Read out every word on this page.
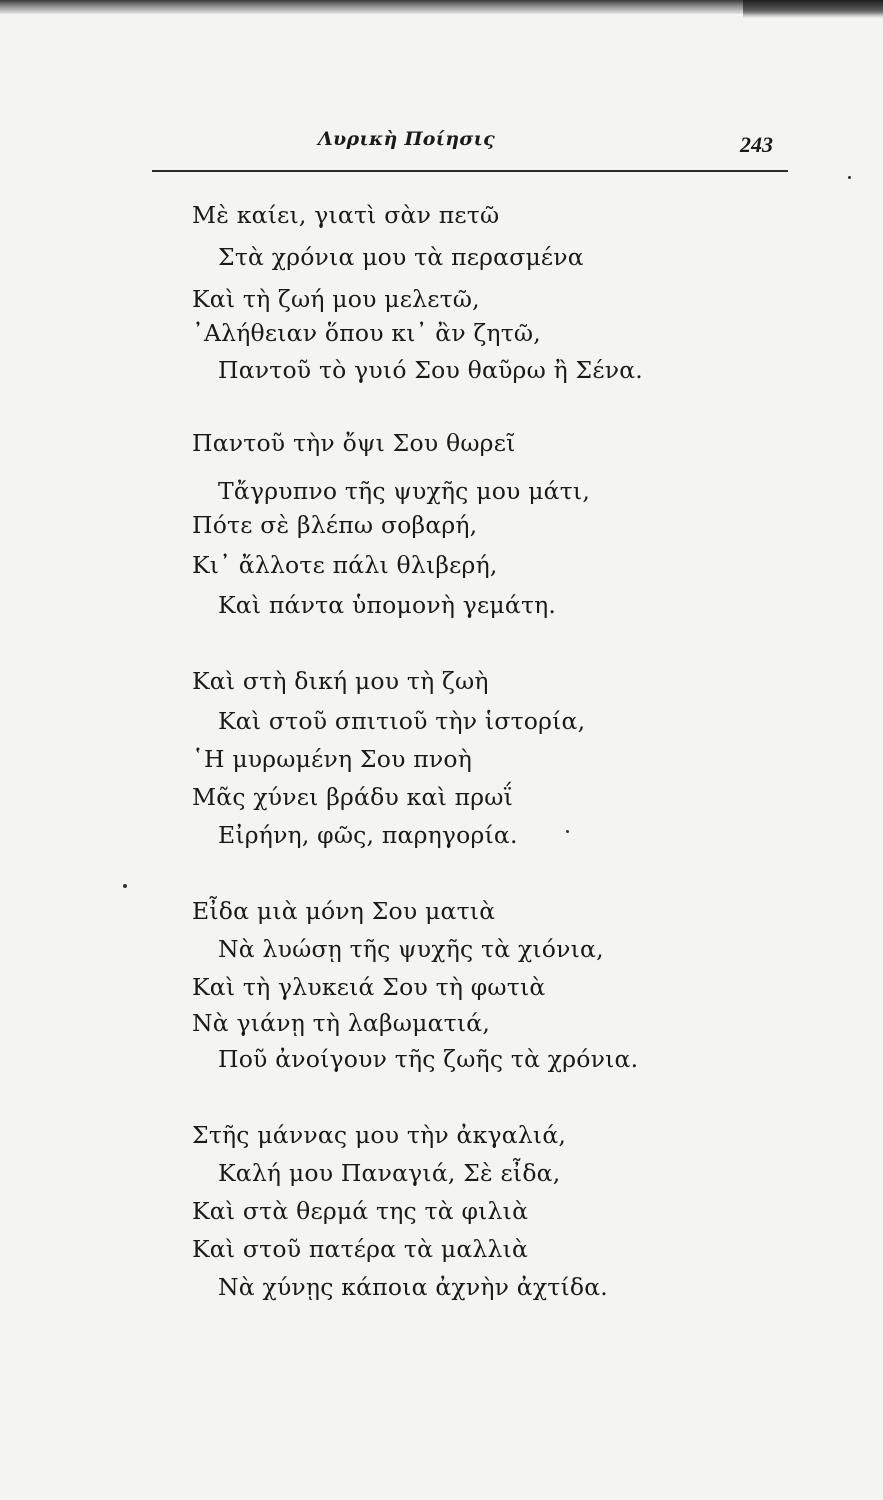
Λυρικὴ Ποίησις	243
Μὲ καίει, γιατὶ σὰν πετῶ
Στὰ χρόνια μου τὰ περασμένα
Καὶ τὴ ζωή μου μελετῶ,
᾿Αλήθειαν ὅπου κι᾿ ἂν ζητῶ,
Παντοῦ τὸ γυιό Σου θαῦρω ἢ Σένα.
Παντοῦ τὴν ὄψι Σου θωρεῖ
Τἄγρυπνο τῆς ψυχῆς μου μάτι,
Πότε σὲ βλέπω σοβαρή,
Κι᾿ ἄλλοτε πάλι θλιβερή,
Καὶ πάντα ὑπομονὴ γεμάτη.
Καὶ στὴ δική μου τὴ ζωὴ
Καὶ στοῦ σπιτιοῦ τὴν ἱστορία,
῾Η μυρωμένη Σου πνοὴ
Μᾶς χύνει βράδυ καὶ πρωΐ
Εἰρήνη, φῶς, παρηγορία.
Εἶδα μιὰ μόνη Σου ματιὰ
Νὰ λυώσῃ τῆς ψυχῆς τὰ χιόνια,
Καὶ τὴ γλυκειά Σου τὴ φωτιὰ
Νὰ γιάνῃ τὴ λαβωματιά,
Ποῦ ἀνοίγουν τῆς ζωῆς τὰ χρόνια.
Στῆς μάννας μου τὴν ἀκγαλιά,
Καλή μου Παναγιά, Σὲ εἶδα,
Καὶ στὰ θερμά της τὰ φιλιὰ
Καὶ στοῦ πατέρα τὰ μαλλιὰ
Νὰ χύνῃς κάποια ἀχνὴν ἀχτίδα.
